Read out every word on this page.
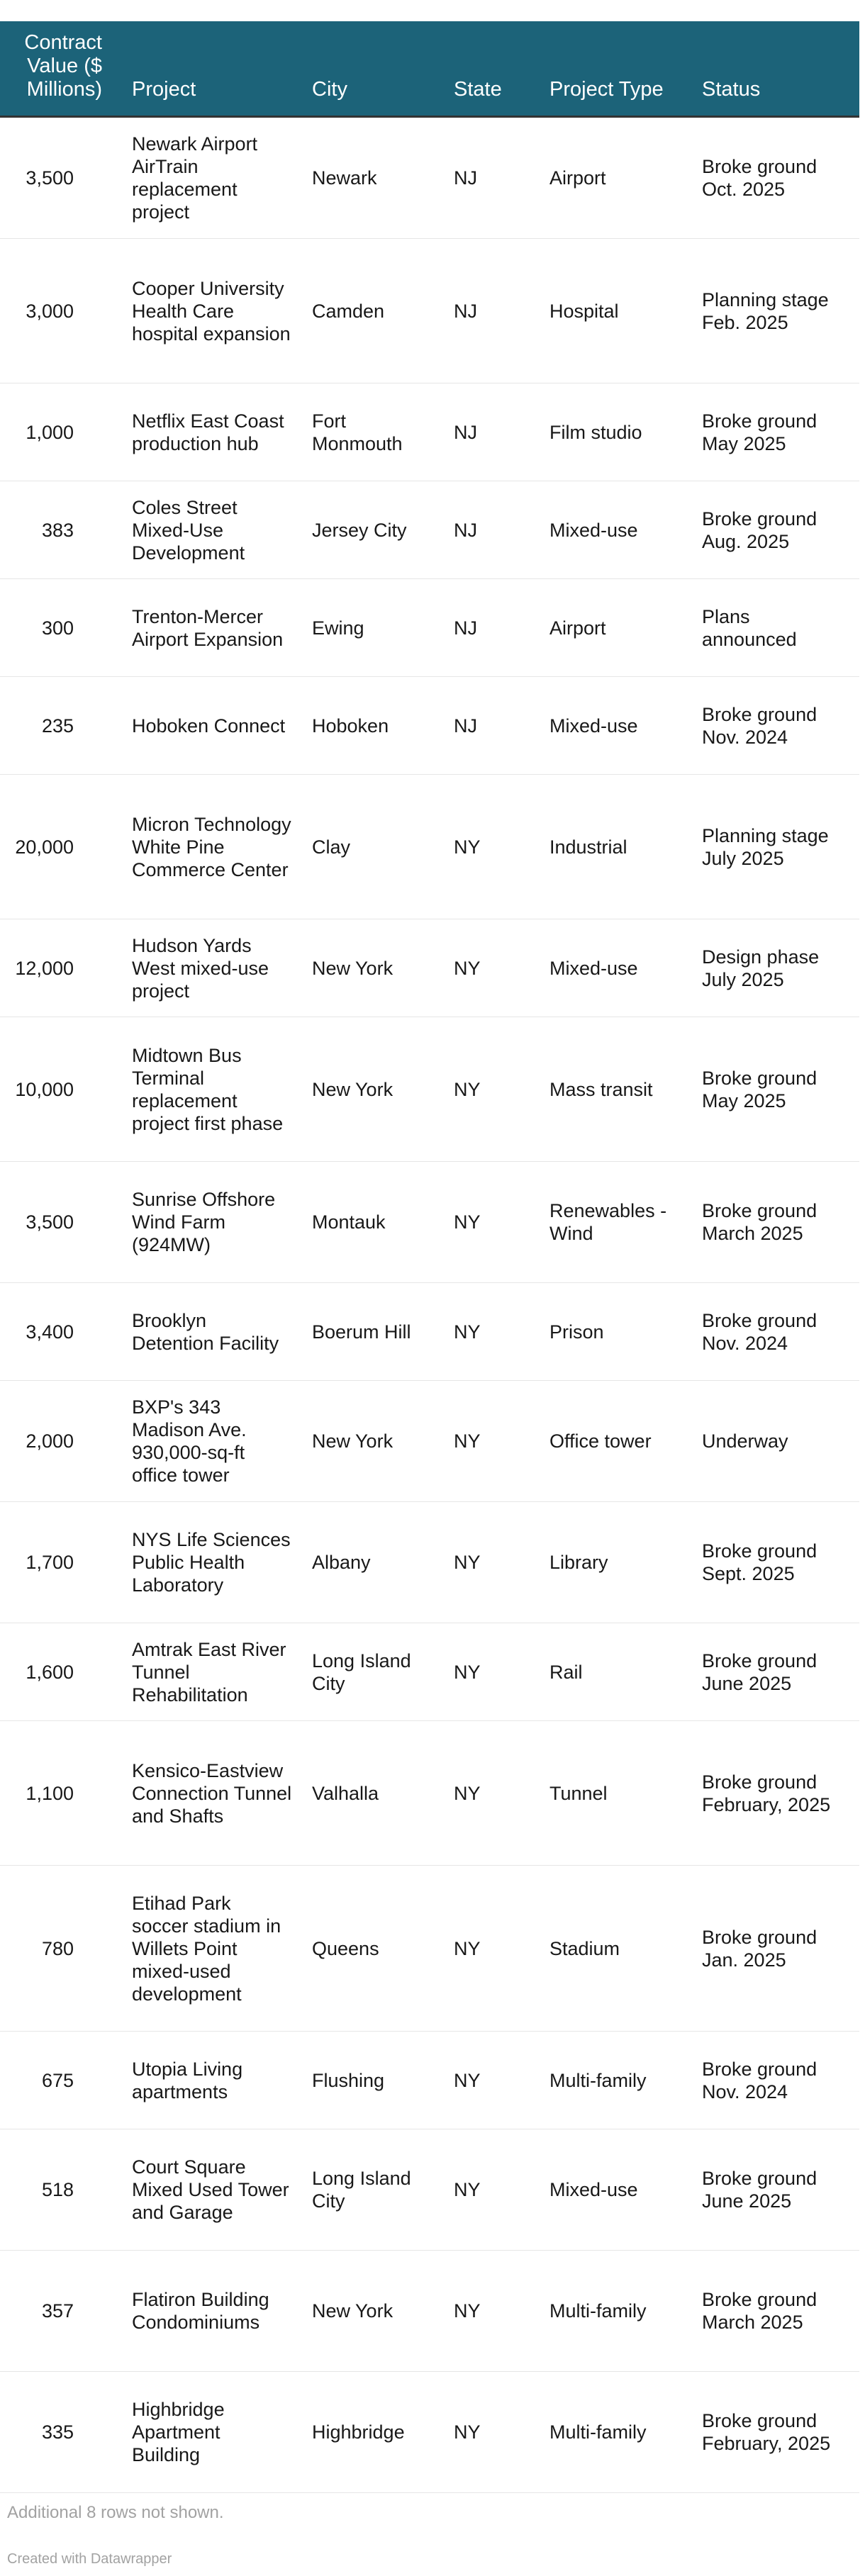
Contract Value ($ Millions)	Project	City	State	Project Type	Status
3,500	Newark Airport AirTrain replacement project	Newark	NJ	Airport	Broke ground Oct. 2025
3,000	Cooper University Health Care hospital expansion	Camden	NJ	Hospital	Planning stage Feb. 2025
1,000	Netflix East Coast production hub	Fort Monmouth	NJ	Film studio	Broke ground May 2025
383	Coles Street Mixed-Use Development	Jersey City	NJ	Mixed-use	Broke ground Aug. 2025
300	Trenton-Mercer Airport Expansion	Ewing	NJ	Airport	Plans announced
235	Hoboken Connect	Hoboken	NJ	Mixed-use	Broke ground Nov. 2024
20,000	Micron Technology White Pine Commerce Center	Clay	NY	Industrial	Planning stage July 2025
12,000	Hudson Yards West mixed-use project	New York	NY	Mixed-use	Design phase July 2025
10,000	Midtown Bus Terminal replacement project first phase	New York	NY	Mass transit	Broke ground May 2025
3,500	Sunrise Offshore Wind Farm (924MW)	Montauk	NY	Renewables - Wind	Broke ground March 2025
3,400	Brooklyn Detention Facility	Boerum Hill	NY	Prison	Broke ground Nov. 2024
2,000	BXP's 343 Madison Ave. 930,000-sq-ft office tower	New York	NY	Office tower	Underway
1,700	NYS Life Sciences Public Health Laboratory	Albany	NY	Library	Broke ground Sept. 2025
1,600	Amtrak East River Tunnel Rehabilitation	Long Island City	NY	Rail	Broke ground June 2025
1,100	Kensico-Eastview Connection Tunnel and Shafts	Valhalla	NY	Tunnel	Broke ground February, 2025
780	Etihad Park soccer stadium in Willets Point mixed-used development	Queens	NY	Stadium	Broke ground Jan. 2025
675	Utopia Living apartments	Flushing	NY	Multi-family	Broke ground Nov. 2024
518	Court Square Mixed Used Tower and Garage	Long Island City	NY	Mixed-use	Broke ground June 2025
357	Flatiron Building Condominiums	New York	NY	Multi-family	Broke ground March 2025
335	Highbridge Apartment Building	Highbridge	NY	Multi-family	Broke ground February, 2025
Additional 8 rows not shown.
Created with Datawrapper
